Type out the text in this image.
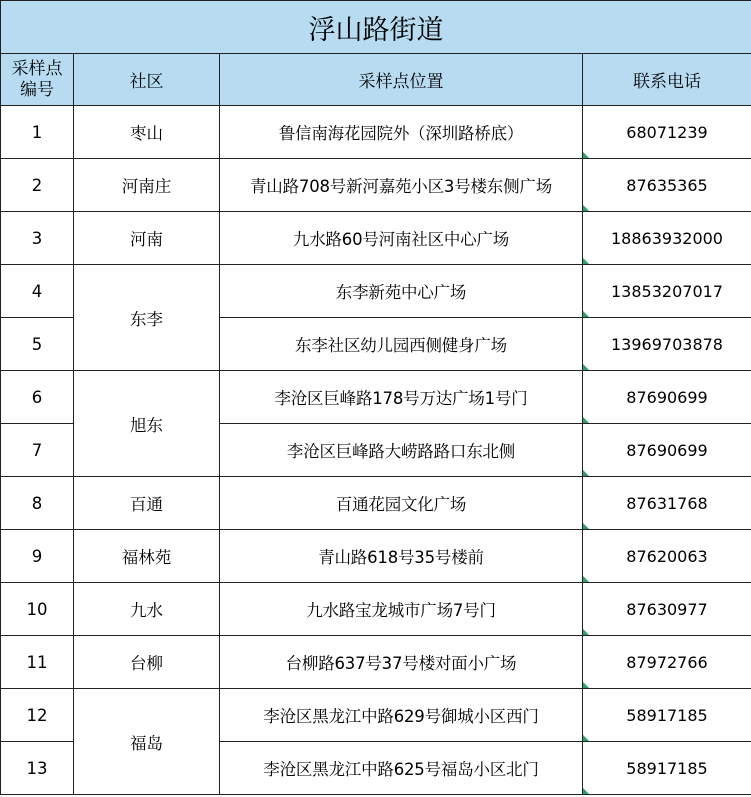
浮山路街道			
采样点
编号	社区	采样点位置	联系电话
1	枣山	鲁信南海花园院外（深圳路桥底）	68071239

2	河南庄	青山路708号新河嘉苑小区3号楼东侧广场	87635365

3	河南	九水路60号河南社区中心广场	18863932000

4	东李	东李新苑中心广场	13853207017

5		东李社区幼儿园西侧健身广场	13969703878

6	旭东	李沧区巨峰路178号万达广场1号门	87690699

7		李沧区巨峰路大崂路路口东北侧	87690699

8	百通	百通花园文化广场	87631768

9	福林苑	青山路618号35号楼前	87620063

10	九水	九水路宝龙城市广场7号门	87630977

11	台柳	台柳路637号37号楼对面小广场	87972766

12	福岛	李沧区黑龙江中路629号御城小区西门	58917185

13		李沧区黑龙江中路625号福岛小区北门	58917185
